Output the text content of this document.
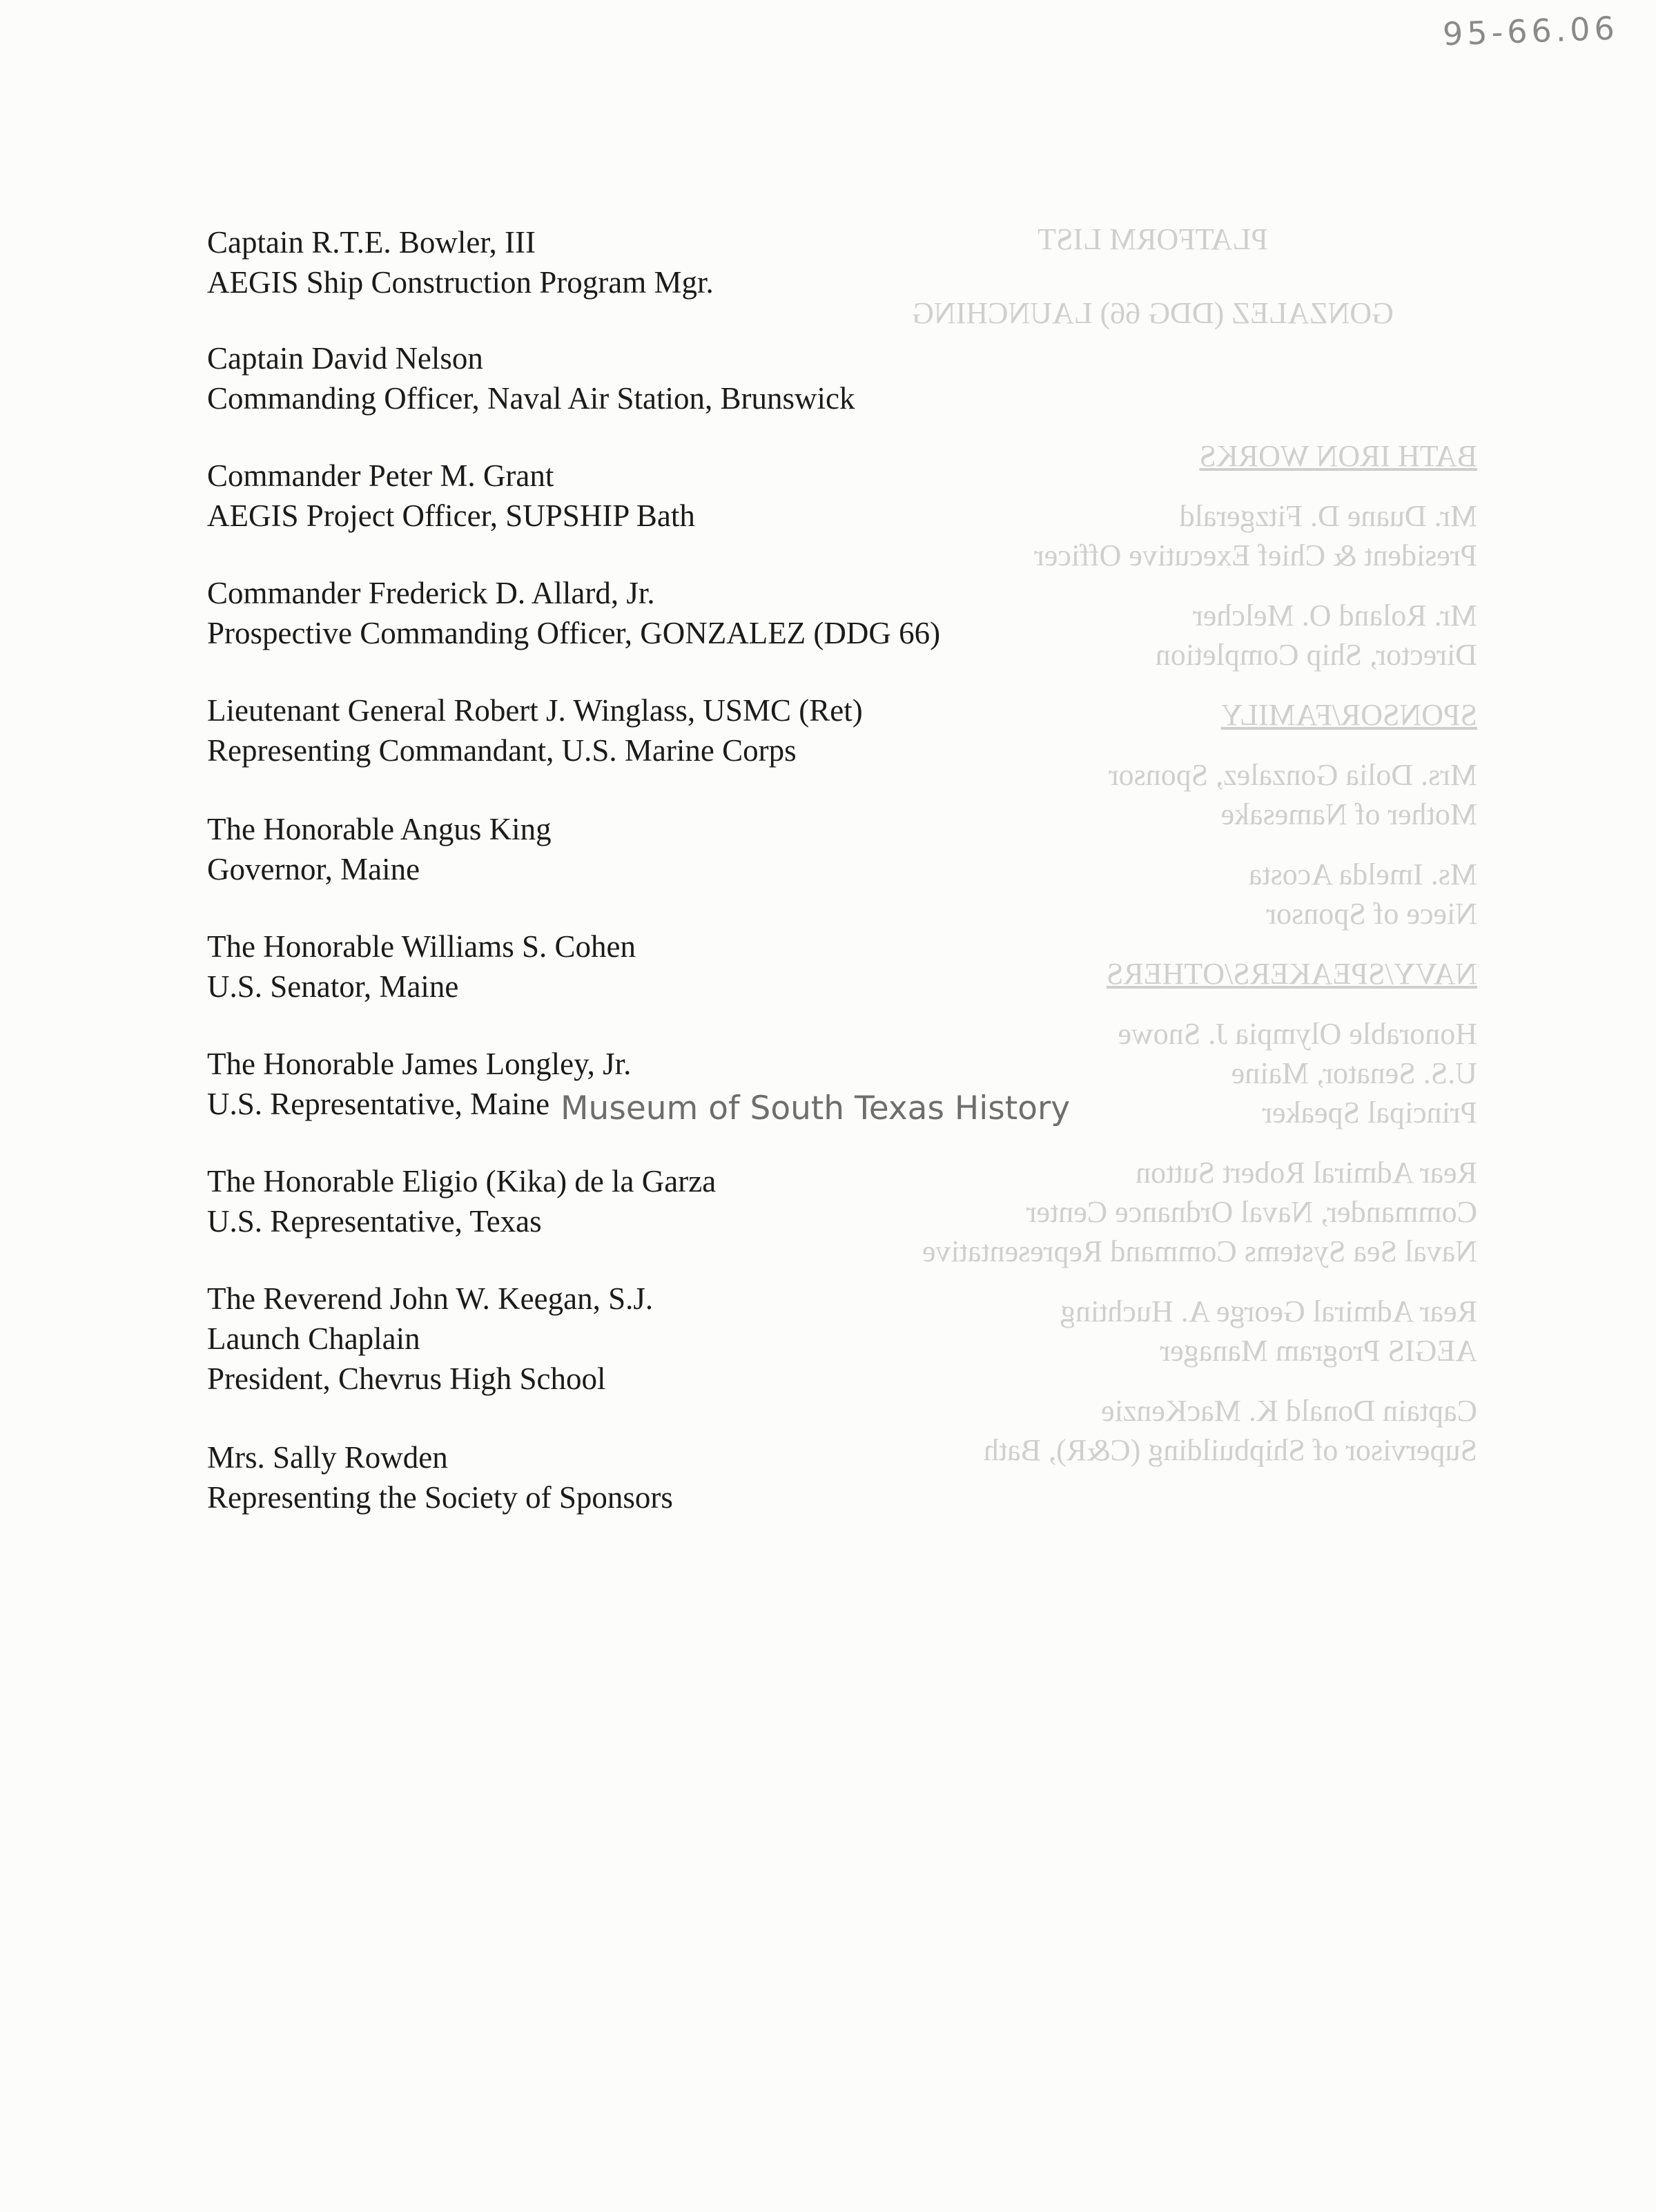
95-66.06
PLATFORM LIST
GONZALEZ (DDG 66) LAUNCHING
BATH IRON WORKS
Mr. Duane D. Fitzgerald
President & Chief Executive Officer
Mr. Roland O. Melcher
Director, Ship Completion
SPONSOR/FAMILY
Mrs. Dolia Gonzalez, Sponsor
Mother of Namesake
Ms. Imelda Acosta
Niece of Sponsor
NAVY/SPEAKERS/OTHERS
Honorable Olympia J. Snowe
U.S. Senator, Maine
Principal Speaker
Rear Admiral Robert Sutton
Commander, Naval Ordnance Center
Naval Sea Systems Command Representative
Rear Admiral George A. Huchting
AEGIS Program Manager
Captain Donald K. MacKenzie
Supervisor of Shipbuilding (C&R), Bath
Captain R.T.E. Bowler, III
AEGIS Ship Construction Program Mgr.
Captain David Nelson
Commanding Officer, Naval Air Station, Brunswick
Commander Peter M. Grant
AEGIS Project Officer, SUPSHIP Bath
Commander Frederick D. Allard, Jr.
Prospective Commanding Officer, GONZALEZ (DDG 66)
Lieutenant General Robert J. Winglass, USMC (Ret)
Representing Commandant, U.S. Marine Corps
The Honorable Angus King
Governor, Maine
The Honorable Williams S. Cohen
U.S. Senator, Maine
The Honorable James Longley, Jr.
U.S. Representative, Maine
The Honorable Eligio (Kika) de la Garza
U.S. Representative, Texas
The Reverend John W. Keegan, S.J.
Launch Chaplain
President, Chevrus High School
Mrs. Sally Rowden
Representing the Society of Sponsors
Museum of South Texas History
